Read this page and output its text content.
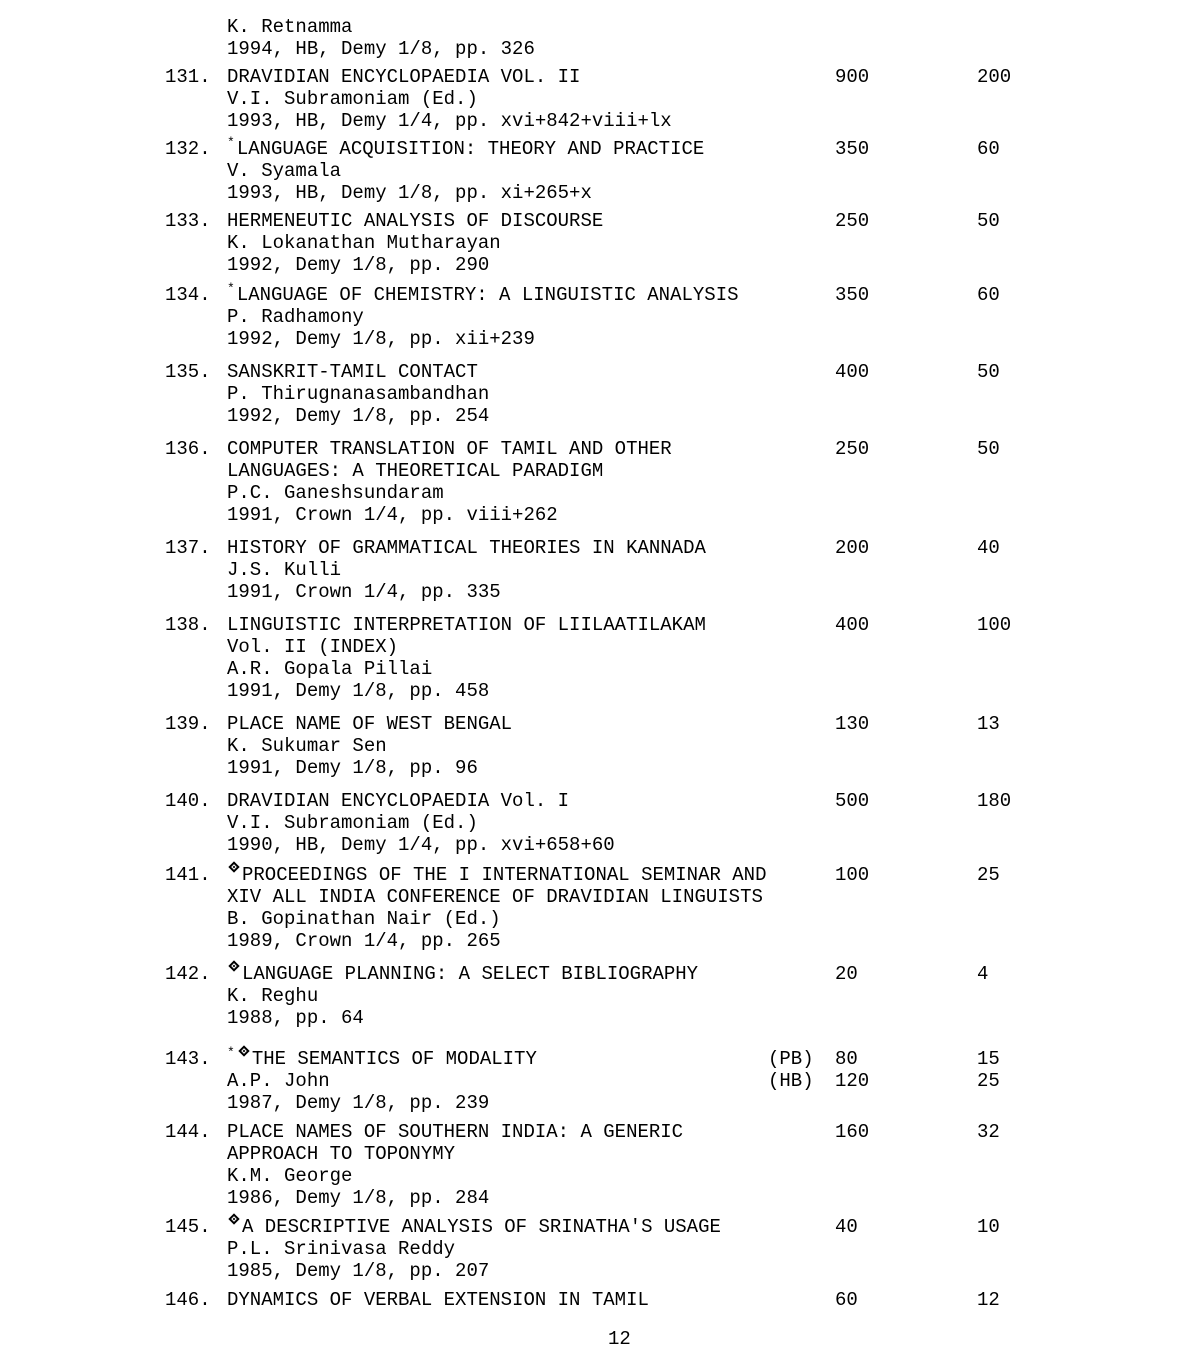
K. Retnamma
1994, HB, Demy 1/8, pp. 326
131. DRAVIDIAN ENCYCLOPAEDIA VOL. II	900	200
V.I. Subramoniam (Ed.)
1993, HB, Demy 1/4, pp. xvi+842+viii+lx
132. * LANGUAGE ACQUISITION: THEORY AND PRACTICE	350	60
V. Syamala
1993, HB, Demy 1/8, pp. xi+265+x
133. HERMENEUTIC ANALYSIS OF DISCOURSE	250	50
K. Lokanathan Mutharayan
1992, Demy 1/8, pp. 290
134. * LANGUAGE OF CHEMISTRY: A LINGUISTIC ANALYSIS	350	60
P. Radhamony
1992, Demy 1/8, pp. xii+239
135. SANSKRIT-TAMIL CONTACT	400	50
P. Thirugnanasambandhan
1992, Demy 1/8, pp. 254
136. COMPUTER TRANSLATION OF TAMIL AND OTHER	250	50
LANGUAGES: A THEORETICAL PARADIGM
P.C. Ganeshsundaram
1991, Crown 1/4, pp. viii+262
137. HISTORY OF GRAMMATICAL THEORIES IN KANNADA	200	40
J.S. Kulli
1991, Crown 1/4, pp. 335
138. LINGUISTIC INTERPRETATION OF LIILAATILAKAM	400	100
Vol. II (INDEX)
A.R. Gopala Pillai
1991, Demy 1/8, pp. 458
139. PLACE NAME OF WEST BENGAL	130	13
K. Sukumar Sen
1991, Demy 1/8, pp. 96
140. DRAVIDIAN ENCYCLOPAEDIA Vol. I	500	180
V.I. Subramoniam (Ed.)
1990, HB, Demy 1/4, pp. xvi+658+60
141.	PROCEEDINGS OF THE I INTERNATIONAL SEMINAR AND	100	25
XIV ALL INDIA CONFERENCE OF DRAVIDIAN LINGUISTS
B. Gopinathan Nair (Ed.)
1989, Crown 1/4, pp. 265
142.	LANGUAGE PLANNING: A SELECT BIBLIOGRAPHY	20	4
K. Reghu
1988, pp. 64
143. * THE SEMANTICS OF MODALITY	(PB) 80	15
A.P. John	(HB) 120	25
1987, Demy 1/8, pp. 239
144. PLACE NAMES OF SOUTHERN INDIA: A GENERIC	160	32
APPROACH TO TOPONYMY
K.M. George
1986, Demy 1/8, pp. 284
145.	A DESCRIPTIVE ANALYSIS OF SRINATHA'S USAGE	40	10
P.L. Srinivasa Reddy
1985, Demy 1/8, pp. 207
146. DYNAMICS OF VERBAL EXTENSION IN TAMIL	60	12
12
